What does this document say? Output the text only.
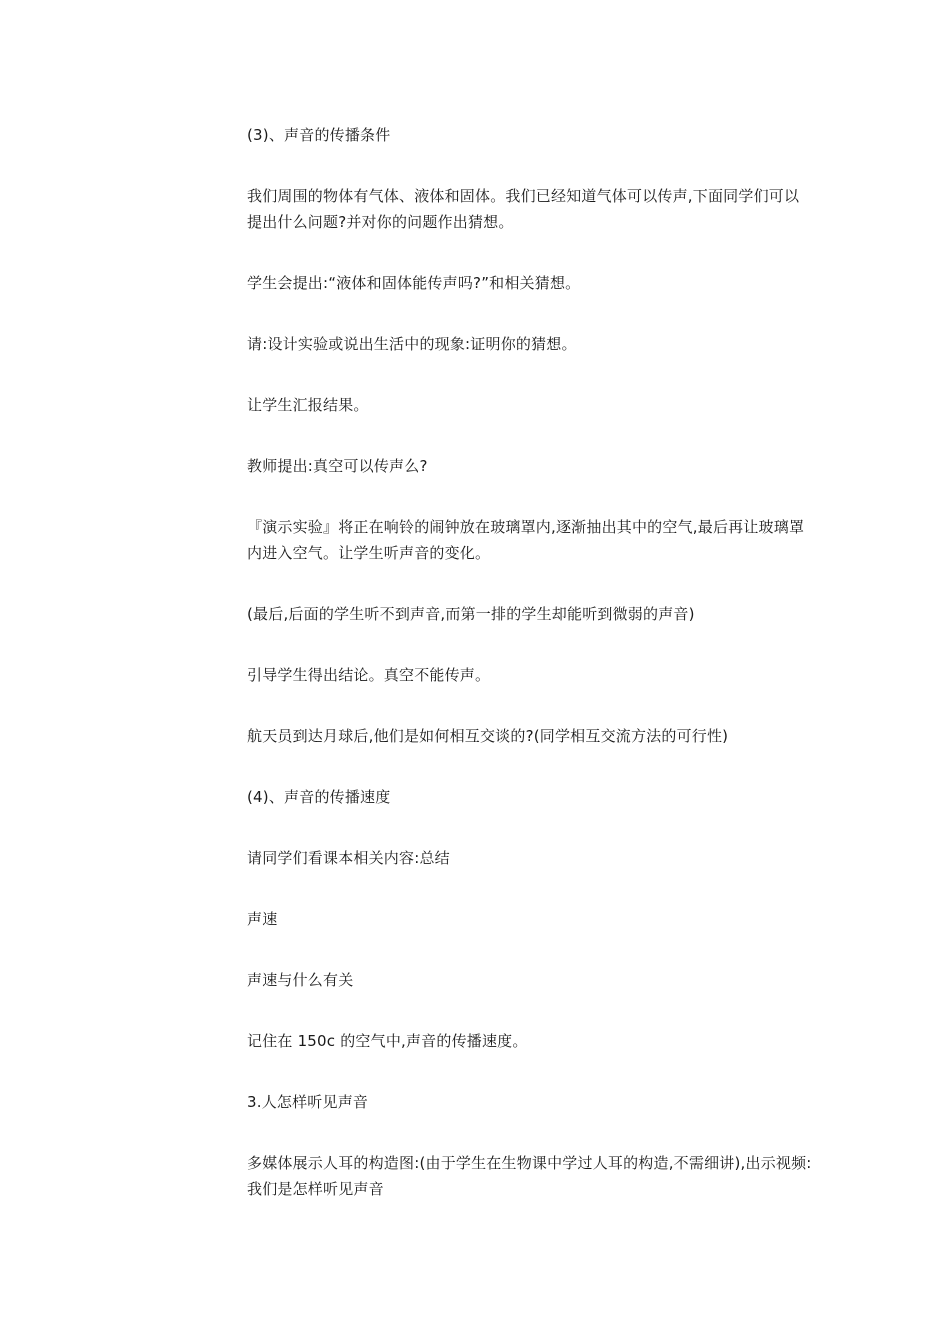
(3)、声音的传播条件

我们周围的物体有气体、液体和固体。我们已经知道气体可以传声,下面同学们可以提出什么问题?并对你的问题作出猜想。

学生会提出:“液体和固体能传声吗?”和相关猜想。

请:设计实验或说出生活中的现象:证明你的猜想。

让学生汇报结果。

教师提出:真空可以传声么?

『演示实验』将正在响铃的闹钟放在玻璃罩内,逐渐抽出其中的空气,最后再让玻璃罩内进入空气。让学生听声音的变化。

(最后,后面的学生听不到声音,而第一排的学生却能听到微弱的声音)

引导学生得出结论。真空不能传声。

航天员到达月球后,他们是如何相互交谈的?(同学相互交流方法的可行性)

(4)、声音的传播速度

请同学们看课本相关内容:总结

声速

声速与什么有关

记住在 150c 的空气中,声音的传播速度。

3.人怎样听见声音

多媒体展示人耳的构造图:(由于学生在生物课中学过人耳的构造,不需细讲),出示视频:我们是怎样听见声音
